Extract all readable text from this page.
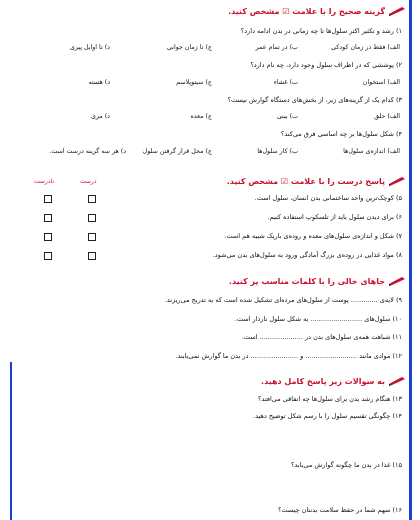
گزینه صحیح را با علامت ☑ مشخص کنید.
۱) رشد و تکثیر اکثر سلول‌ها تا چه زمانی در بدن ادامه دارد؟
الف) فقط در زمان کودکی
ب) در تمام عمر
ج) تا زمان جوانی
د) تا اوایل پیری
۲) پوششی که در اطراف سلول وجود دارد، چه نام دارد؟
الف) استخوان
ب) غشاء
ج) سیتوپلاسم
د) هسته
۳) کدام یک از گزینه‌های زیر، از بخش‌های دستگاه گوارش نیست؟
الف) حلق
ب) بینی
ج) معده
د) مری
۴) شکل سلول‌ها بر چه اساسی فرق می‌کند؟
الف) اندازه‌ی سلول‌ها
ب) کار سلول‌ها
ج) محل قرار گرفتن سلول
د) هر سه گزینه درست است.
درست
نادرست	پاسخ درست را با علامت ☑ مشخص کنید.
۵) کوچک‌ترین واحد ساختمانی بدن انسان، سلول است.
۶) برای دیدن سلول باید از تلسکوپ استفاده کنیم.
۷) شکل و اندازه‌ی سلول‌های معده و روده‌ی باریک شبیه هم است.
۸) مواد غذایی در روده‌ی بزرگ آمادگی ورود به سلول‌های بدن می‌شود.
جاهای خالی را با کلمات مناسب پر کنید.
۹) لایه‌ی ............. پوست از سلول‌های مرده‌ای تشکیل شده است که به تدریج می‌ریزند.
۱۰) سلول‌های ......................... به شکل سلول تارذار است.
۱۱) شباهت همه‌ی سلول‌های بدن در ..................... است.
۱۲) موادی مانند ......................... و ....................... در بدن ما گوارش نمی‌یابند.
به سوالات زیر پاسخ کامل دهید.
۱۳) هنگام رشد بدن برای سلول‌ها چه اتفاقی می‌افتد؟
۱۴) چگونگی تقسیم سلول را با رسم شکل توضیح دهید.
۱۵) غذا در بدن ما چگونه گوارش می‌یابد؟
۱۶) سهم شما در حفظ سلامت بدنتان چیست؟
